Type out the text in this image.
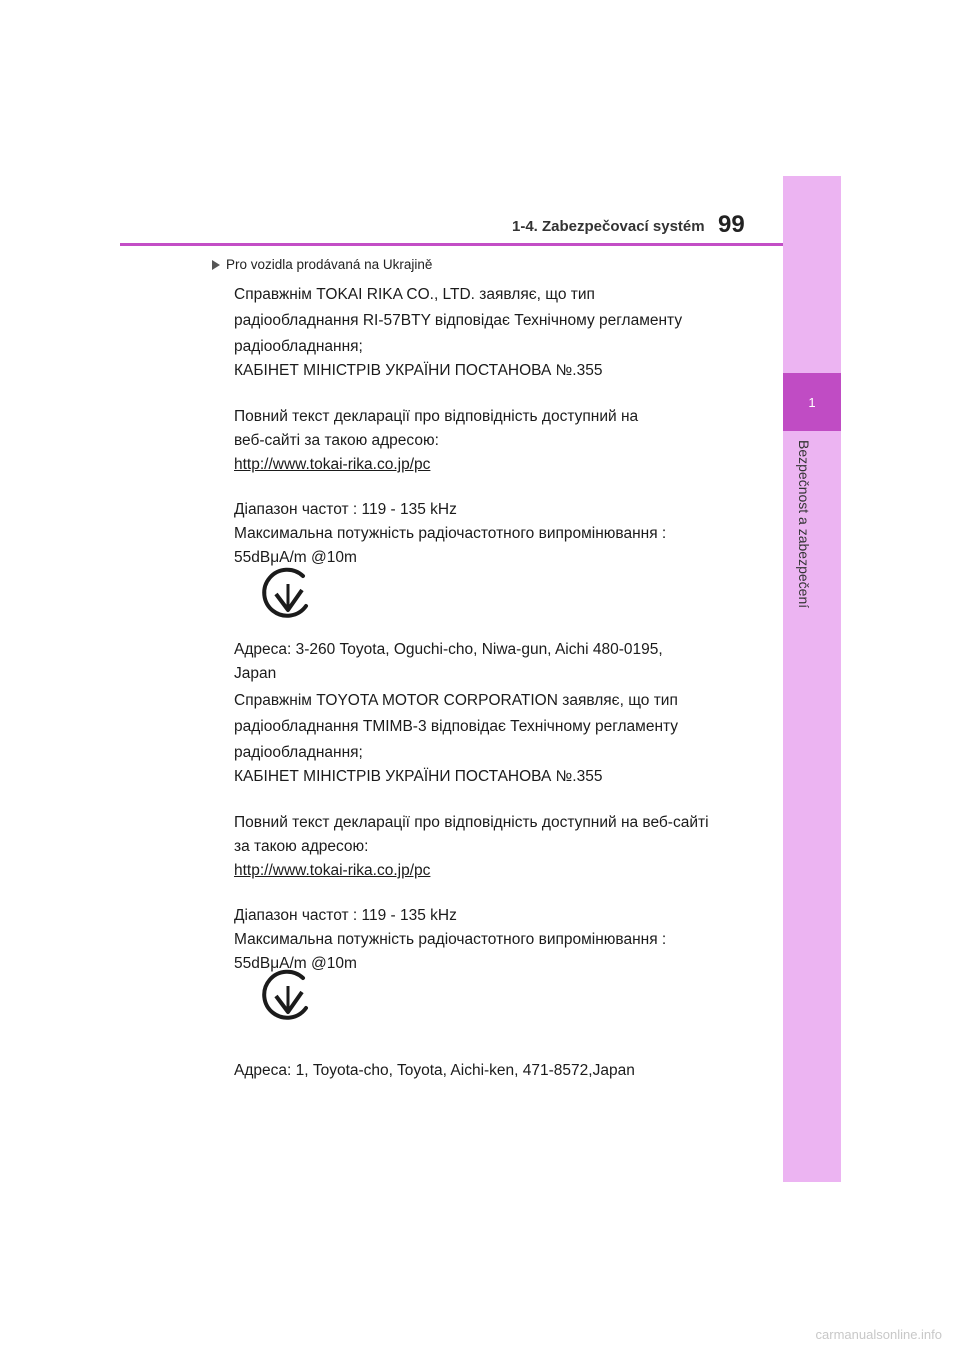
1
Bezpečnost a zabezpečení
1-4. Zabezpečovací systém 99
Pro vozidla prodávaná na Ukrajině
Справжнім TOKAI RIKA CO., LTD. заявляє, що тип
радіообладнання RI-57BTY відповідає Технічному регламенту
радіообладнання;
КАБІНЕТ МІНІСТРІВ УКРАЇНИ ПОСТАНОВА №.355
Повний текст декларації про відповідність доступний на
веб-сайті за такою адресою:
http://www.tokai-rika.co.jp/pc
Діапазон частот : 119 - 135 kHz
Максимальна потужність радіочастотного випромінювання :
55dBμA/m @10m
Адреса: 3-260 Toyota, Oguchi-cho, Niwa-gun, Aichi 480-0195,
Japan
Справжнім TOYOTA MOTOR CORPORATION заявляє, що тип
радіообладнання TMIMB-3 відповідає Технічному регламенту
радіообладнання;
КАБІНЕТ МІНІСТРІВ УКРАЇНИ ПОСТАНОВА №.355
Повний текст декларації про відповідність доступний на веб-сайті
за такою адресою:
http://www.tokai-rika.co.jp/pc
Діапазон частот : 119 - 135 kHz
Максимальна потужність радіочастотного випромінювання :
55dBμA/m @10m
Адреса: 1, Toyota-cho, Toyota, Aichi-ken, 471-8572,Japan
carmanualsonline.info
